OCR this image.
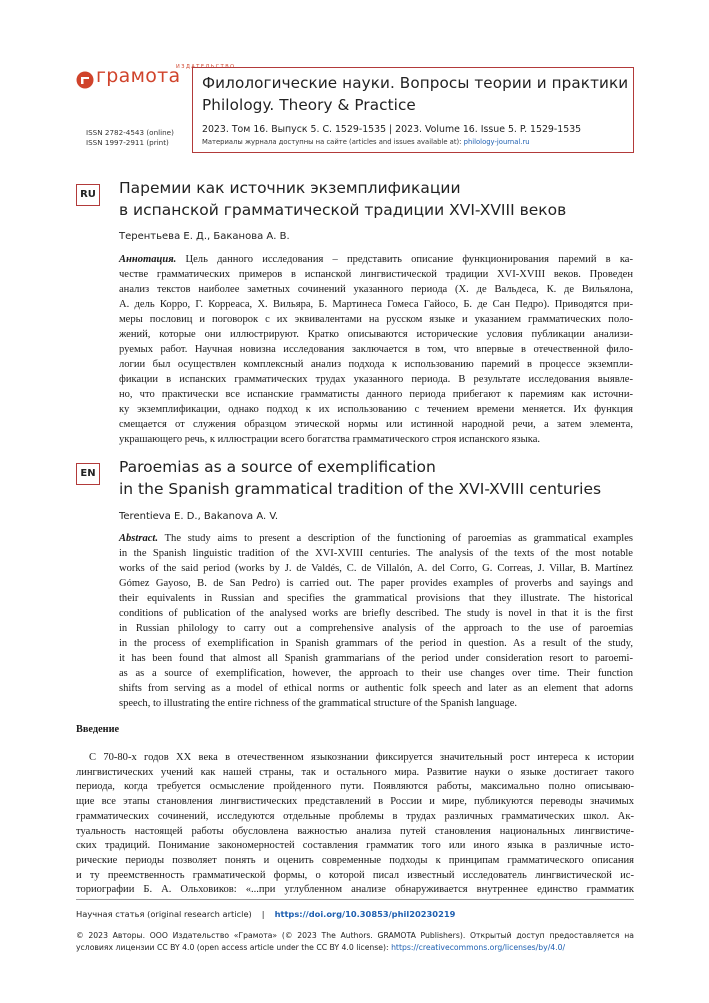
ИЗДАТЕЛЬСТВО
грамота
ISSN 2782-4543 (online)
ISSN 1997-2911 (print)
Филологические науки. Вопросы теории и практики
Philology. Theory & Practice
2023. Том 16. Выпуск 5. С. 1529-1535 | 2023. Volume 16. Issue 5. P. 1529-1535
Материалы журнала доступны на сайте (articles and issues available at): philology-journal.ru
RU Паремии как источник экземплификации
в испанской грамматической традиции XVI-XVIII веков
Терентьева Е. Д., Баканова А. В.
Аннотация. Цель данного исследования – представить описание функционирования паремий в ка-
честве грамматических примеров в испанской лингвистической традиции XVI-XVIII веков. Проведен
анализ текстов наиболее заметных сочинений указанного периода (Х. де Вальдеса, К. де Вильялона,
А. дель Корро, Г. Корреаса, Х. Вильяра, Б. Мартинеса Гомеса Гайосо, Б. де Сан Педро). Приводятся при-
меры пословиц и поговорок с их эквивалентами на русском языке и указанием грамматических поло-
жений, которые они иллюстрируют. Кратко описываются исторические условия публикации анализи-
руемых работ. Научная новизна исследования заключается в том, что впервые в отечественной фило-
логии был осуществлен комплексный анализ подхода к использованию паремий в процессе экземпли-
фикации в испанских грамматических трудах указанного периода. В результате исследования выявле-
но, что практически все испанские грамматисты данного периода прибегают к паремиям как источни-
ку экземплификации, однако подход к их использованию с течением времени меняется. Их функция
смещается от служения образцом этической нормы или истинной народной речи, а затем элемента,
украшающего речь, к иллюстрации всего богатства грамматического строя испанского языка.
EN Paroemias as a source of exemplification
in the Spanish grammatical tradition of the XVI-XVIII centuries
Terentieva E. D., Bakanova A. V.
Abstract. The study aims to present a description of the functioning of paroemias as grammatical examples
in the Spanish linguistic tradition of the XVI-XVIII centuries. The analysis of the texts of the most notable
works of the said period (works by J. de Valdés, C. de Villalón, A. del Corro, G. Correas, J. Villar, B. Martínez
Gómez Gayoso, B. de San Pedro) is carried out. The paper provides examples of proverbs and sayings and
their equivalents in Russian and specifies the grammatical provisions that they illustrate. The historical
conditions of publication of the analysed works are briefly described. The study is novel in that it is the first
in Russian philology to carry out a comprehensive analysis of the approach to the use of paroemias
in the process of exemplification in Spanish grammars of the period in question. As a result of the study,
it has been found that almost all Spanish grammarians of the period under consideration resort to paroemi-
as as a source of exemplification, however, the approach to their use changes over time. Their function
shifts from serving as a model of ethical norms or authentic folk speech and later as an element that adorns
speech, to illustrating the entire richness of the grammatical structure of the Spanish language.
Введение
С 70-80-х годов XX века в отечественном языкознании фиксируется значительный рост интереса к истории
лингвистических учений как нашей страны, так и остального мира. Развитие науки о языке достигает такого
периода, когда требуется осмысление пройденного пути. Появляются работы, максимально полно описываю-
щие все этапы становления лингвистических представлений в России и мире, публикуются переводы значимых
грамматических сочинений, исследуются отдельные проблемы в трудах различных грамматических школ. Ак-
туальность настоящей работы обусловлена важностью анализа путей становления национальных лингвистиче-
ских традиций. Понимание закономерностей составления грамматик того или иного языка в различные исто-
рические периоды позволяет понять и оценить современные подходы к принципам грамматического описания
и ту преемственность грамматической формы, о которой писал известный исследователь лингвистической ис-
ториографии Б. А. Ольховиков: «...при углубленном анализе обнаруживается внутреннее единство грамматик
Научная статья (original research article) | https://doi.org/10.30853/phil20230219
© 2023 Авторы. ООО Издательство «Грамота» (© 2023 The Authors. GRAMOTA Publishers). Открытый доступ предоставляется на условиях лицензии CC BY 4.0 (open access article under the CC BY 4.0 license): https://creativecommons.org/licenses/by/4.0/
